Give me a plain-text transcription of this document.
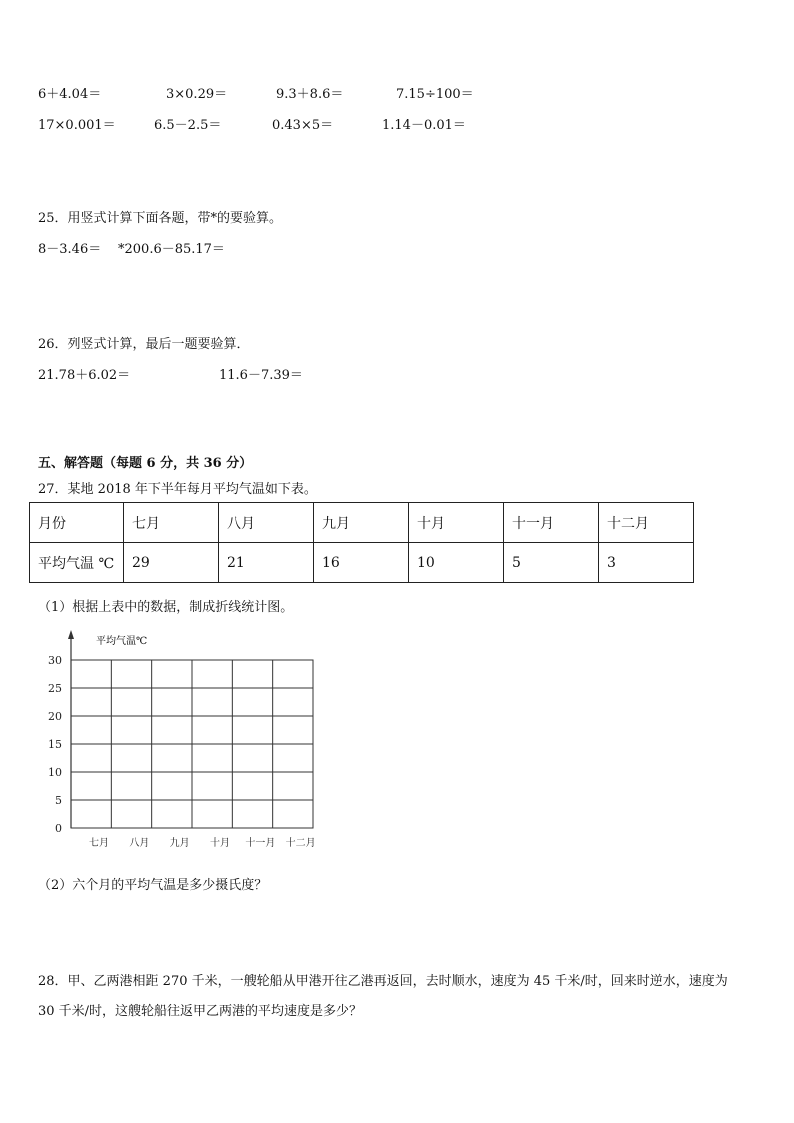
6＋4.04＝	3×0.29＝	9.3＋8.6＝	7.15÷100＝
17×0.001＝	6.5－2.5＝	0.43×5＝	1.14－0.01＝
25．用竖式计算下面各题，带*的要验算。
8－3.46＝ *200.6－85.17＝
26．列竖式计算，最后一题要验算．
21.78＋6.02＝	11.6－7.39＝
五、解答题（每题 6 分，共 36 分）
27．某地 2018 年下半年每月平均气温如下表。
月份	七月	八月	九月	十月	十一月	十二月
平均气温 ℃	29	21	16	10	5	3
（1）根据上表中的数据，制成折线统计图。
0
5
10
15
20
25
30
七月 八月 九月 十月 十一月 十二月
平均气温℃
（2）六个月的平均气温是多少摄氏度？
28．甲、乙两港相距 270 千米，一艘轮船从甲港开往乙港再返回，去时顺水，速度为 45 千米/时，回来时逆水，速度为
30 千米/时，这艘轮船往返甲乙两港的平均速度是多少？
